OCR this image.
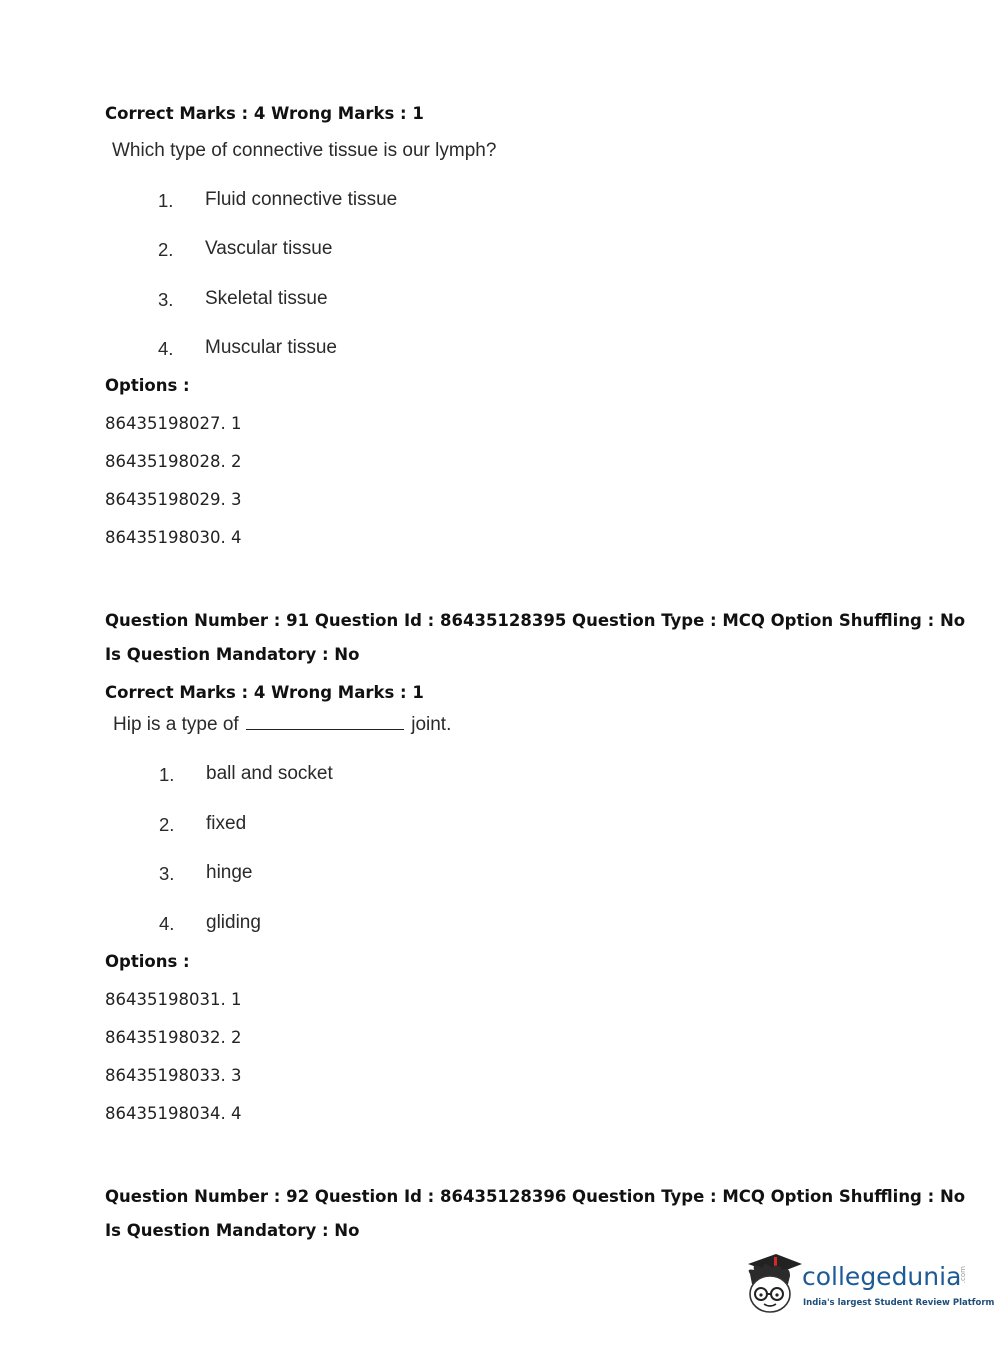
Correct Marks : 4 Wrong Marks : 1
Which type of connective tissue is our lymph?
1. Fluid connective tissue
2. Vascular tissue
3. Skeletal tissue
4. Muscular tissue
Options :
86435198027. 1
86435198028. 2
86435198029. 3
86435198030. 4
Question Number : 91 Question Id : 86435128395 Question Type : MCQ Option Shuffling : No
Is Question Mandatory : No
Correct Marks : 4 Wrong Marks : 1
Hip is a type of	joint.
1. ball and socket
2. fixed
3. hinge
4. gliding
Options :
86435198031. 1
86435198032. 2
86435198033. 3
86435198034. 4
Question Number : 92 Question Id : 86435128396 Question Type : MCQ Option Shuffling : No
Is Question Mandatory : No
collegedunia
.com
India's largest Student Review Platform
